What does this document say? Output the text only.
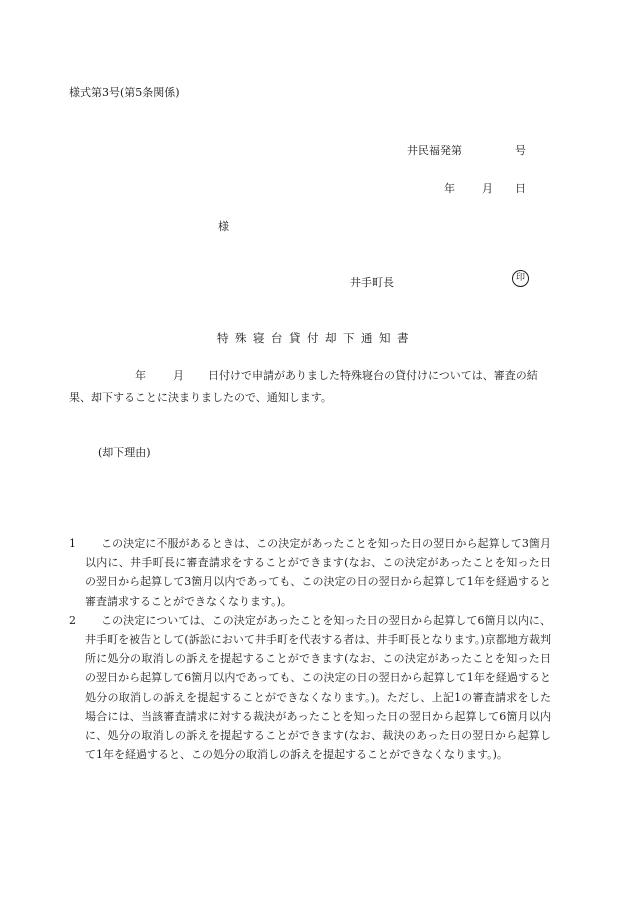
様式第3号(第5条関係)
井民福発第	号
年 月 日
様
井手町長	印
特殊寝台貸付却下通知書
年 月 日付けで申請がありました特殊寝台の貸付けについては、審査の結果、却下することに決まりましたので、通知します。
(却下理由)
1	この決定に不服があるときは、この決定があったことを知った日の翌日から起算して3箇月以内に、井手町長に審査請求をすることができます(なお、この決定があったことを知った日の翌日から起算して3箇月以内であっても、この決定の日の翌日から起算して1年を経過すると審査請求することができなくなります。)。
2	この決定については、この決定があったことを知った日の翌日から起算して6箇月以内に、井手町を被告として(訴訟において井手町を代表する者は、井手町長となります。)京都地方裁判所に処分の取消しの訴えを提起することができます(なお、この決定があったことを知った日の翌日から起算して6箇月以内であっても、この決定の日の翌日から起算して1年を経過すると処分の取消しの訴えを提起することができなくなります。)。ただし、上記1の審査請求をした場合には、当該審査請求に対する裁決があったことを知った日の翌日から起算して6箇月以内に、処分の取消しの訴えを提起することができます(なお、裁決のあった日の翌日から起算して1年を経過すると、この処分の取消しの訴えを提起することができなくなります。)。
